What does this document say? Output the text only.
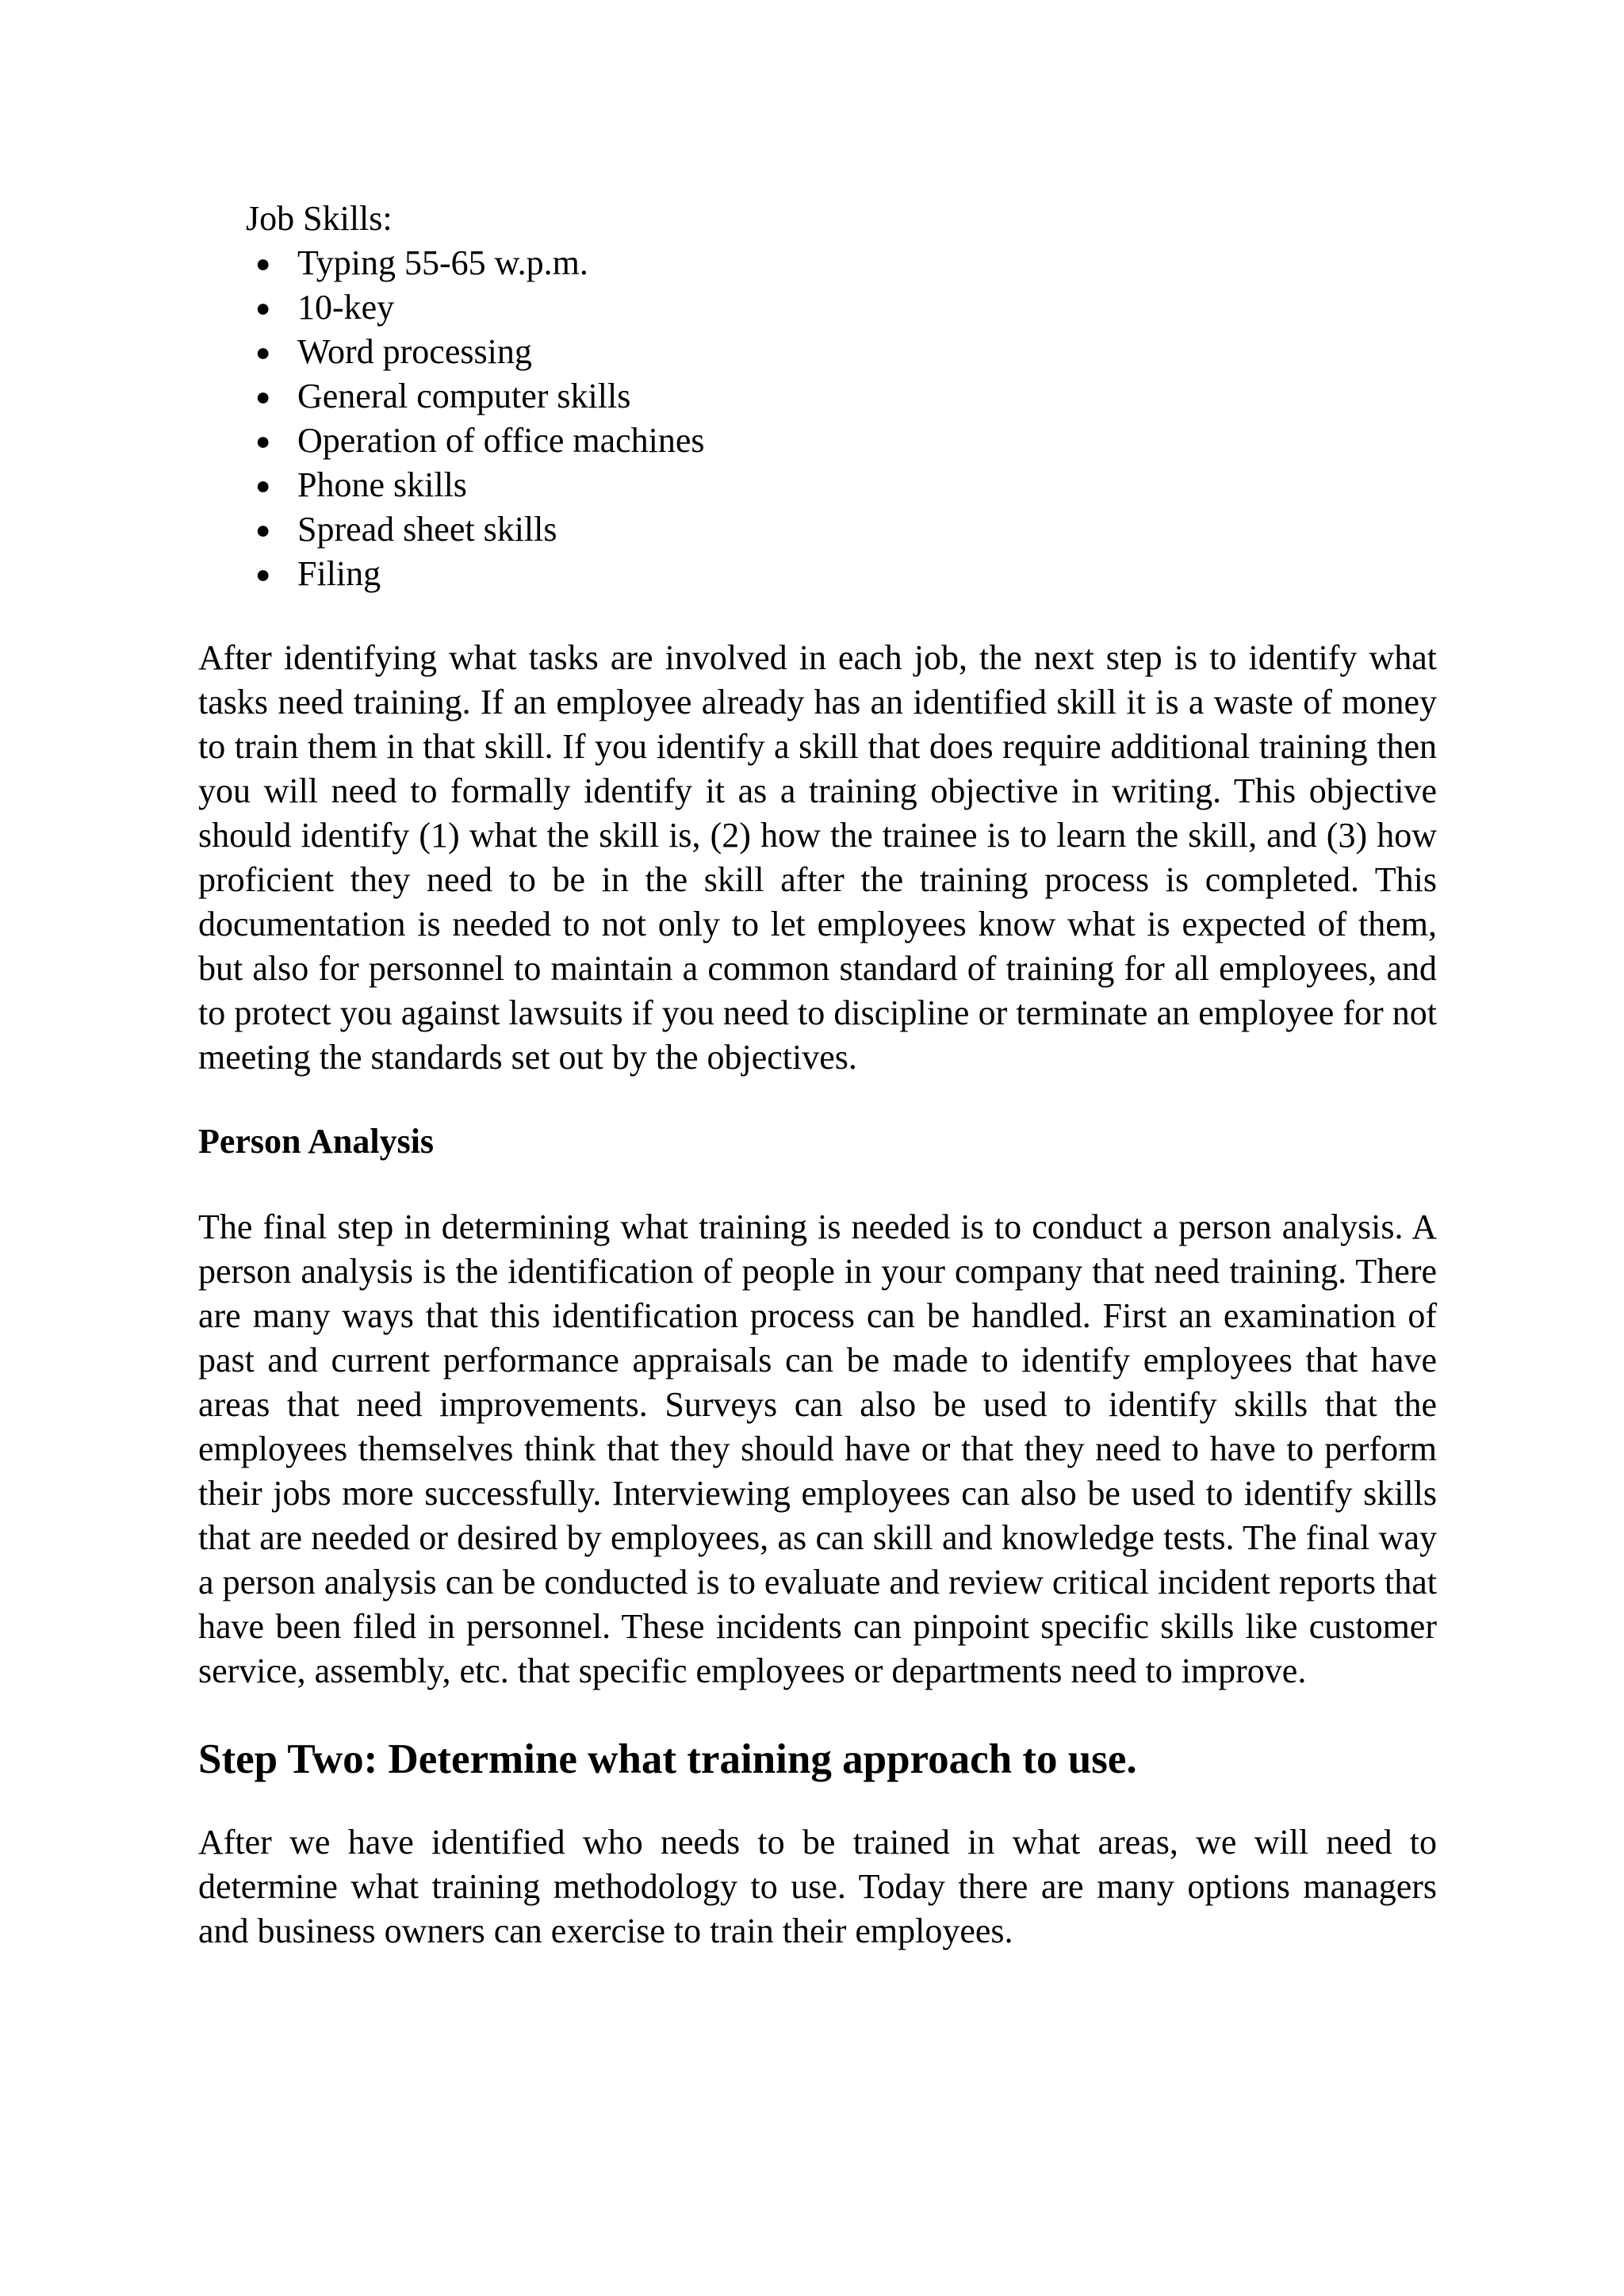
Job Skills:

● Typing 55-65 w.p.m.
● 10-key
● Word processing
● General computer skills
● Operation of office machines
● Phone skills
● Spread sheet skills
● Filing

After identifying what tasks are involved in each job, the next step is to identify what tasks need training. If an employee already has an identified skill it is a waste of money to train them in that skill. If you identify a skill that does require additional training then you will need to formally identify it as a training objective in writing. This objective should identify (1) what the skill is, (2) how the trainee is to learn the skill, and (3) how proficient they need to be in the skill after the training process is completed. This documentation is needed to not only to let employees know what is expected of them, but also for personnel to maintain a common standard of training for all employees, and to protect you against lawsuits if you need to discipline or terminate an employee for not meeting the standards set out by the objectives.

Person Analysis

The final step in determining what training is needed is to conduct a person analysis. A person analysis is the identification of people in your company that need training. There are many ways that this identification process can be handled. First an examination of past and current performance appraisals can be made to identify employees that have areas that need improvements. Surveys can also be used to identify skills that the employees themselves think that they should have or that they need to have to perform their jobs more successfully. Interviewing employees can also be used to identify skills that are needed or desired by employees, as can skill and knowledge tests. The final way a person analysis can be conducted is to evaluate and review critical incident reports that have been filed in personnel. These incidents can pinpoint specific skills like customer service, assembly, etc. that specific employees or departments need to improve.

Step Two: Determine what training approach to use.

After we have identified who needs to be trained in what areas, we will need to determine what training methodology to use. Today there are many options managers and business owners can exercise to train their employees.
